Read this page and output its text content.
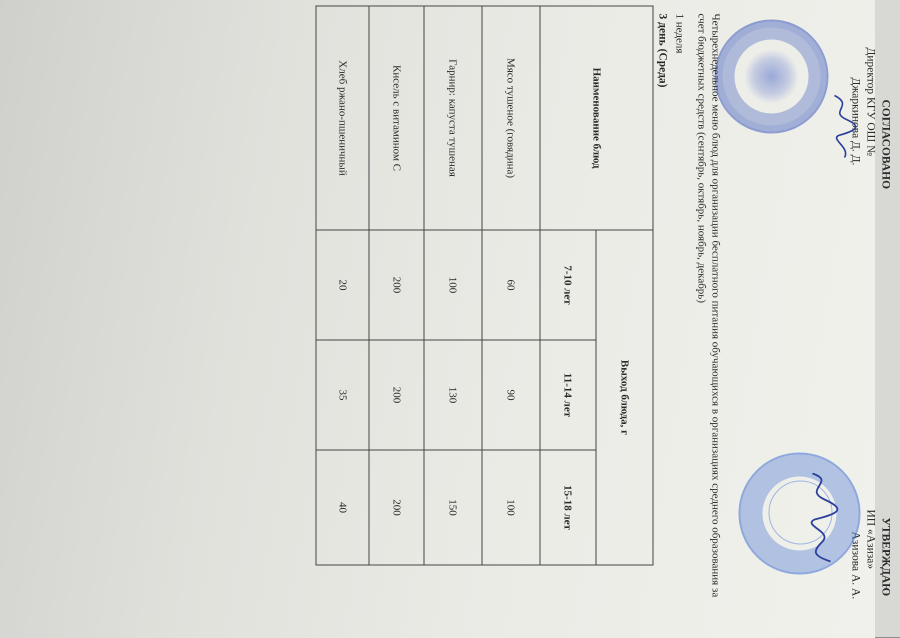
СОГЛАСОВАНО
Директор КГУ ОШ №
Джаркинова Д. Д.
УТВЕРЖДАЮ
ИП «Азиза»
Азизова А. А.
Четырехнедельное меню блюд для организации бесплатного питания обучающихся в организациях среднего образования за счет бюджетных средств (сентябрь, октябрь, ноябрь, декабрь)
1 неделя
3 день (Среда)
Наименование блюд	Выход блюда, г		
	7-10 лет	11-14 лет	15-18 лет
Мясо тушеное (говядина)	60	90	100
Гарнир: капуста тушеная	100	130	150
Кисель с витамином С	200	200	200
Хлеб ржано-пшеничный	20	35	40
